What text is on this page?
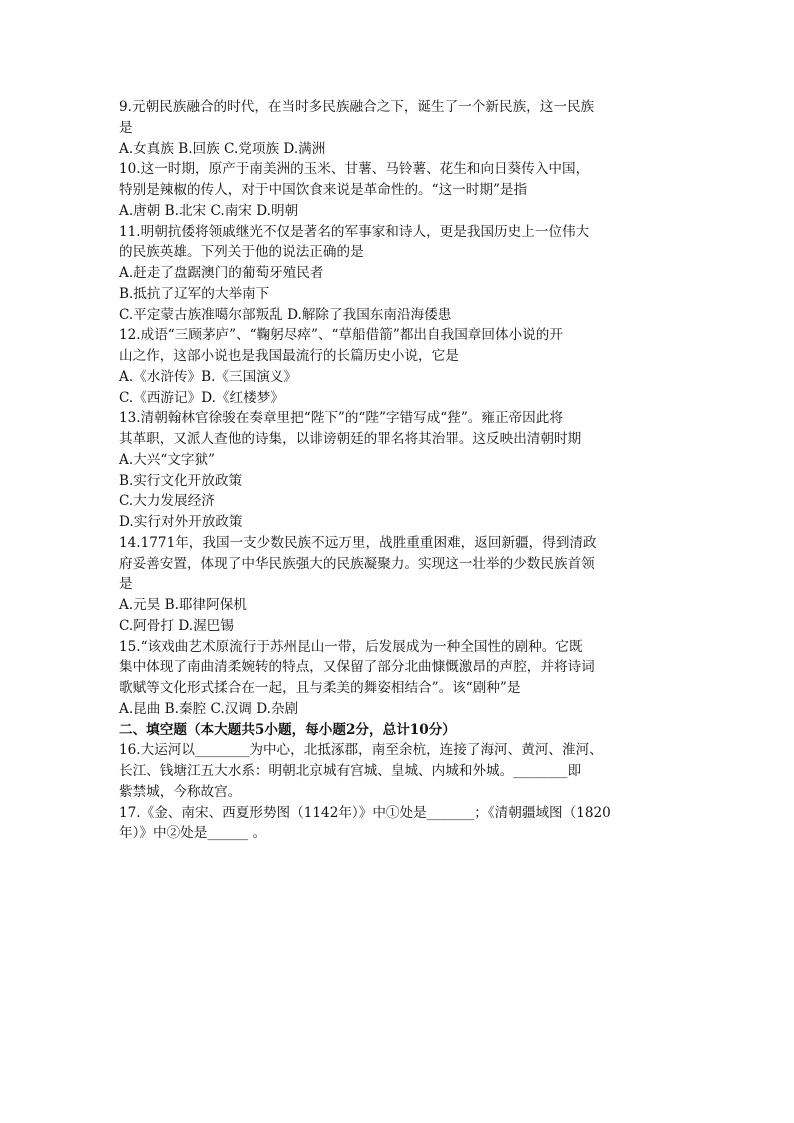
9.元朝民族融合的时代，在当时多民族融合之下，诞生了一个新民族，这一民族
是
A.女真族 B.回族 C.党项族 D.满洲
10.这一时期，原产于南美洲的玉米、甘薯、马铃薯、花生和向日葵传入中国，
特别是辣椒的传人，对于中国饮食来说是革命性的。“这一时期”是指
A.唐朝 B.北宋 C.南宋 D.明朝
11.明朝抗倭将领戚继光不仅是著名的军事家和诗人，更是我国历史上一位伟大
的民族英雄。下列关于他的说法正确的是
A.赶走了盘踞澳门的葡萄牙殖民者
B.抵抗了辽军的大举南下
C.平定蒙古族准噶尔部叛乱 D.解除了我国东南沿海倭患
12.成语“三顾茅庐”、“鞠躬尽瘁”、“草船借箭”都出自我国章回体小说的开
山之作，这部小说也是我国最流行的长篇历史小说，它是
A.《水浒传》B.《三国演义》
C.《西游记》D.《红楼梦》
13.清朝翰林官徐骏在奏章里把“陛下”的“陛”字错写成“狴”。雍正帝因此将
其革职，又派人查他的诗集，以诽谤朝廷的罪名将其治罪。这反映出清朝时期
A.大兴“文字狱”
B.实行文化开放政策
C.大力发展经济
D.实行对外开放政策
14.1771年，我国一支少数民族不远万里，战胜重重困难，返回新疆，得到清政
府妥善安置，体现了中华民族强大的民族凝聚力。实现这一壮举的少数民族首领
是
A.元昊 B.耶律阿保机
C.阿骨打 D.渥巴锡
15.“该戏曲艺术原流行于苏州昆山一带，后发展成为一种全国性的剧种。它既
集中体现了南曲清柔婉转的特点，又保留了部分北曲慷慨激昂的声腔，并将诗词
歌赋等文化形式揉合在一起，且与柔美的舞姿相结合”。该“剧种”是
A.昆曲 B.秦腔 C.汉调 D.杂剧
二、填空题（本大题共5小题，每小题2分，总计10分）
16.大运河以________为中心，北抵涿郡，南至余杭，连接了海河、黄河、淮河、
长江、钱塘江五大水系：明朝北京城有宫城、皇城、内城和外城。________即
紫禁城，今称故宫。
17.《金、南宋、西夏形势图（1142年）》中①处是_______；《清朝疆域图（1820
年）》中②处是______ 。
